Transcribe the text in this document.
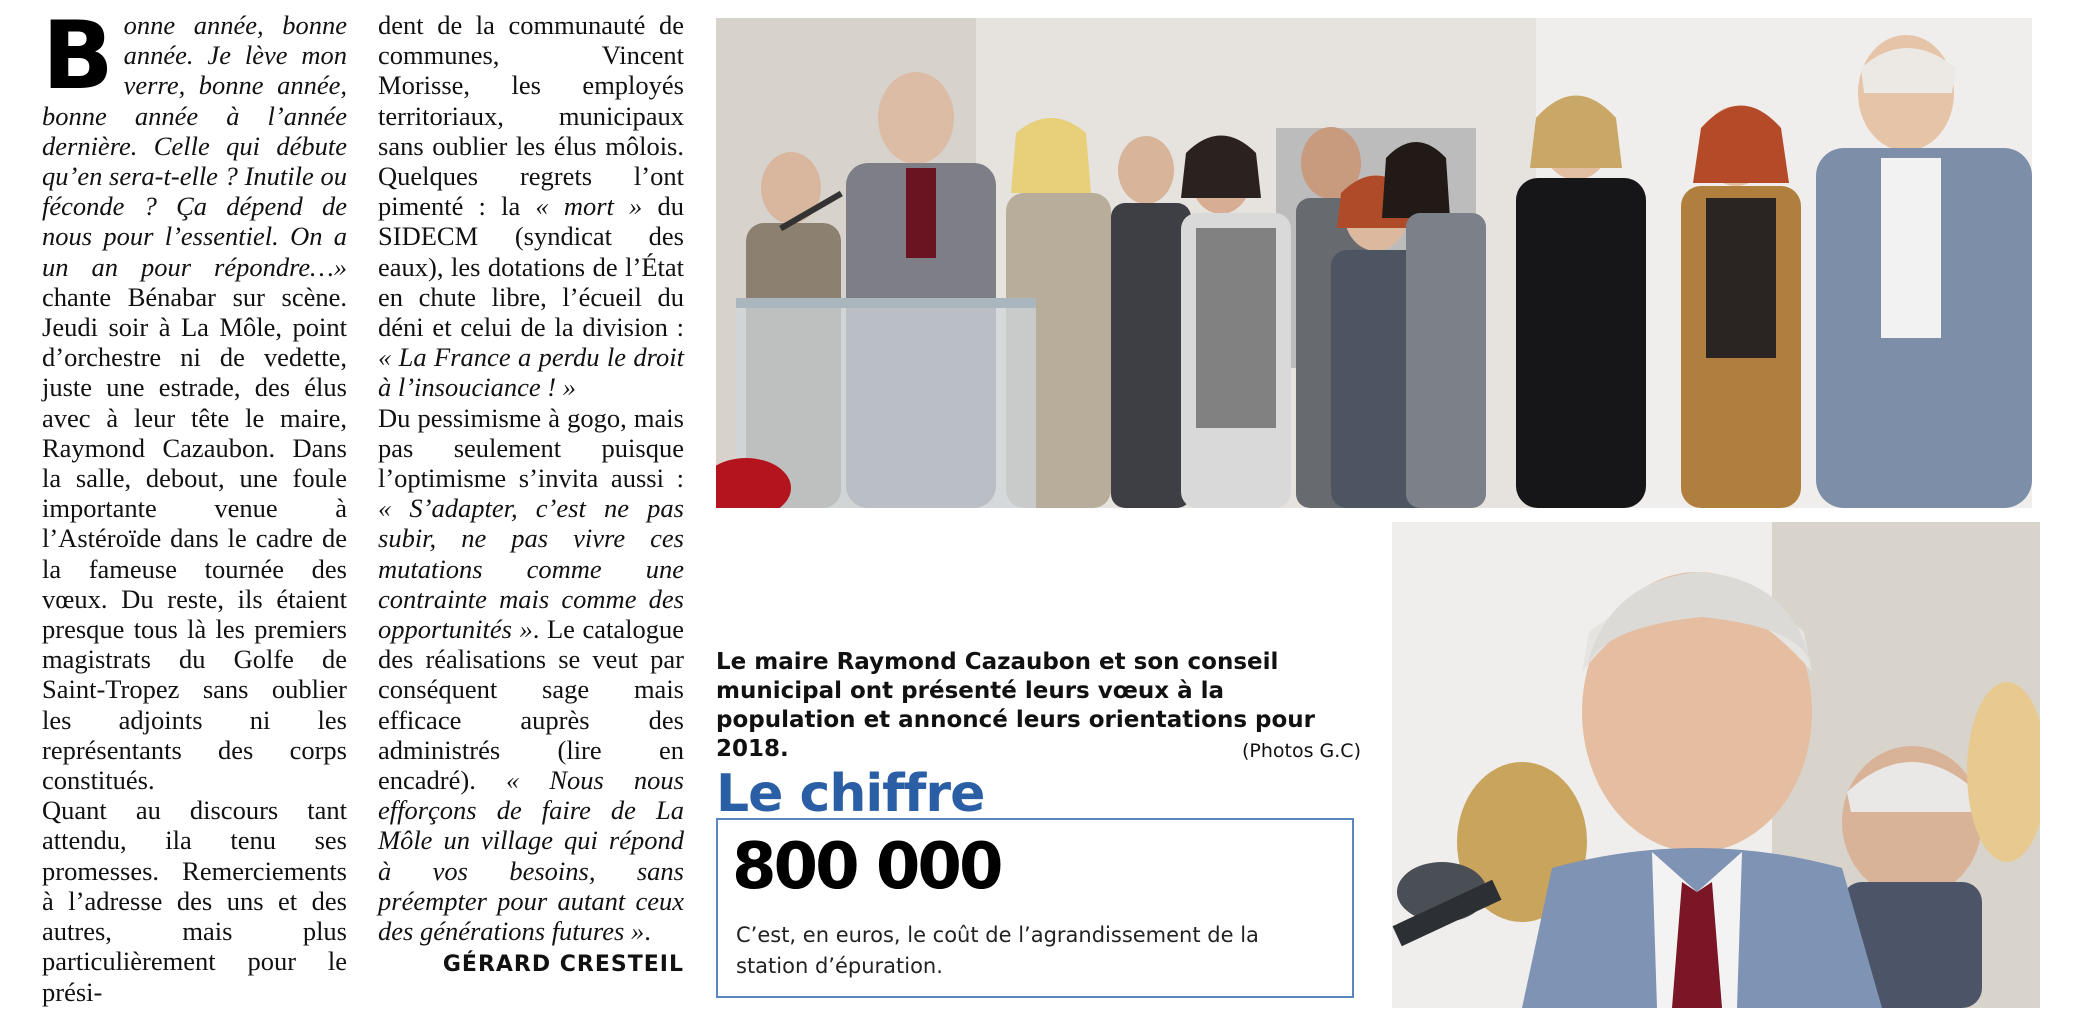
B onne année, bonne année. Je lève mon verre, bonne année, bonne année à l’année dernière. Celle qui débute qu’en sera-t-elle ? Inutile ou féconde ? Ça dépend de nous pour l’essentiel. On a un an pour répondre…» chante Bénabar sur scène. Jeudi soir à La Môle, point d’orchestre ni de vedette, juste une estrade, des élus avec à leur tête le maire, Raymond Cazaubon. Dans la salle, debout, une foule importante venue à l’Astéroïde dans le cadre de la fameuse tournée des vœux. Du reste, ils étaient presque tous là les premiers magistrats du Golfe de Saint-Tropez sans oublier les adjoints ni les représentants des corps constitués.

Quant au discours tant attendu, ila tenu ses promesses. Remerciements à l’adresse des uns et des autres, mais plus particulièrement pour le prési-

dent de la communauté de communes, Vincent Morisse, les employés territoriaux, municipaux sans oublier les élus môlois. Quelques regrets l’ont pimenté : la « mort » du SIDECM (syndicat des eaux), les dotations de l’État en chute libre, l’écueil du déni et celui de la division : « La France a perdu le droit à l’insouciance ! »

Du pessimisme à gogo, mais pas seulement puisque l’optimisme s’invita aussi : « S’adapter, c’est ne pas subir, ne pas vivre ces mutations comme une contrainte mais comme des opportunités ». Le catalogue des réalisations se veut par conséquent sage mais efficace auprès des administrés (lire en encadré). « Nous nous efforçons de faire de La Môle un village qui répond à vos besoins, sans préempter pour autant ceux des générations futures ».

GÉRARD CRESTEIL
Le maire Raymond Cazaubon et son conseil municipal ont présenté leurs vœux à la population et annoncé leurs orientations pour 2018.	(Photos G.C)
Le chiffre
800 000
C’est, en euros, le coût de l’agrandissement de la station d’épuration.
